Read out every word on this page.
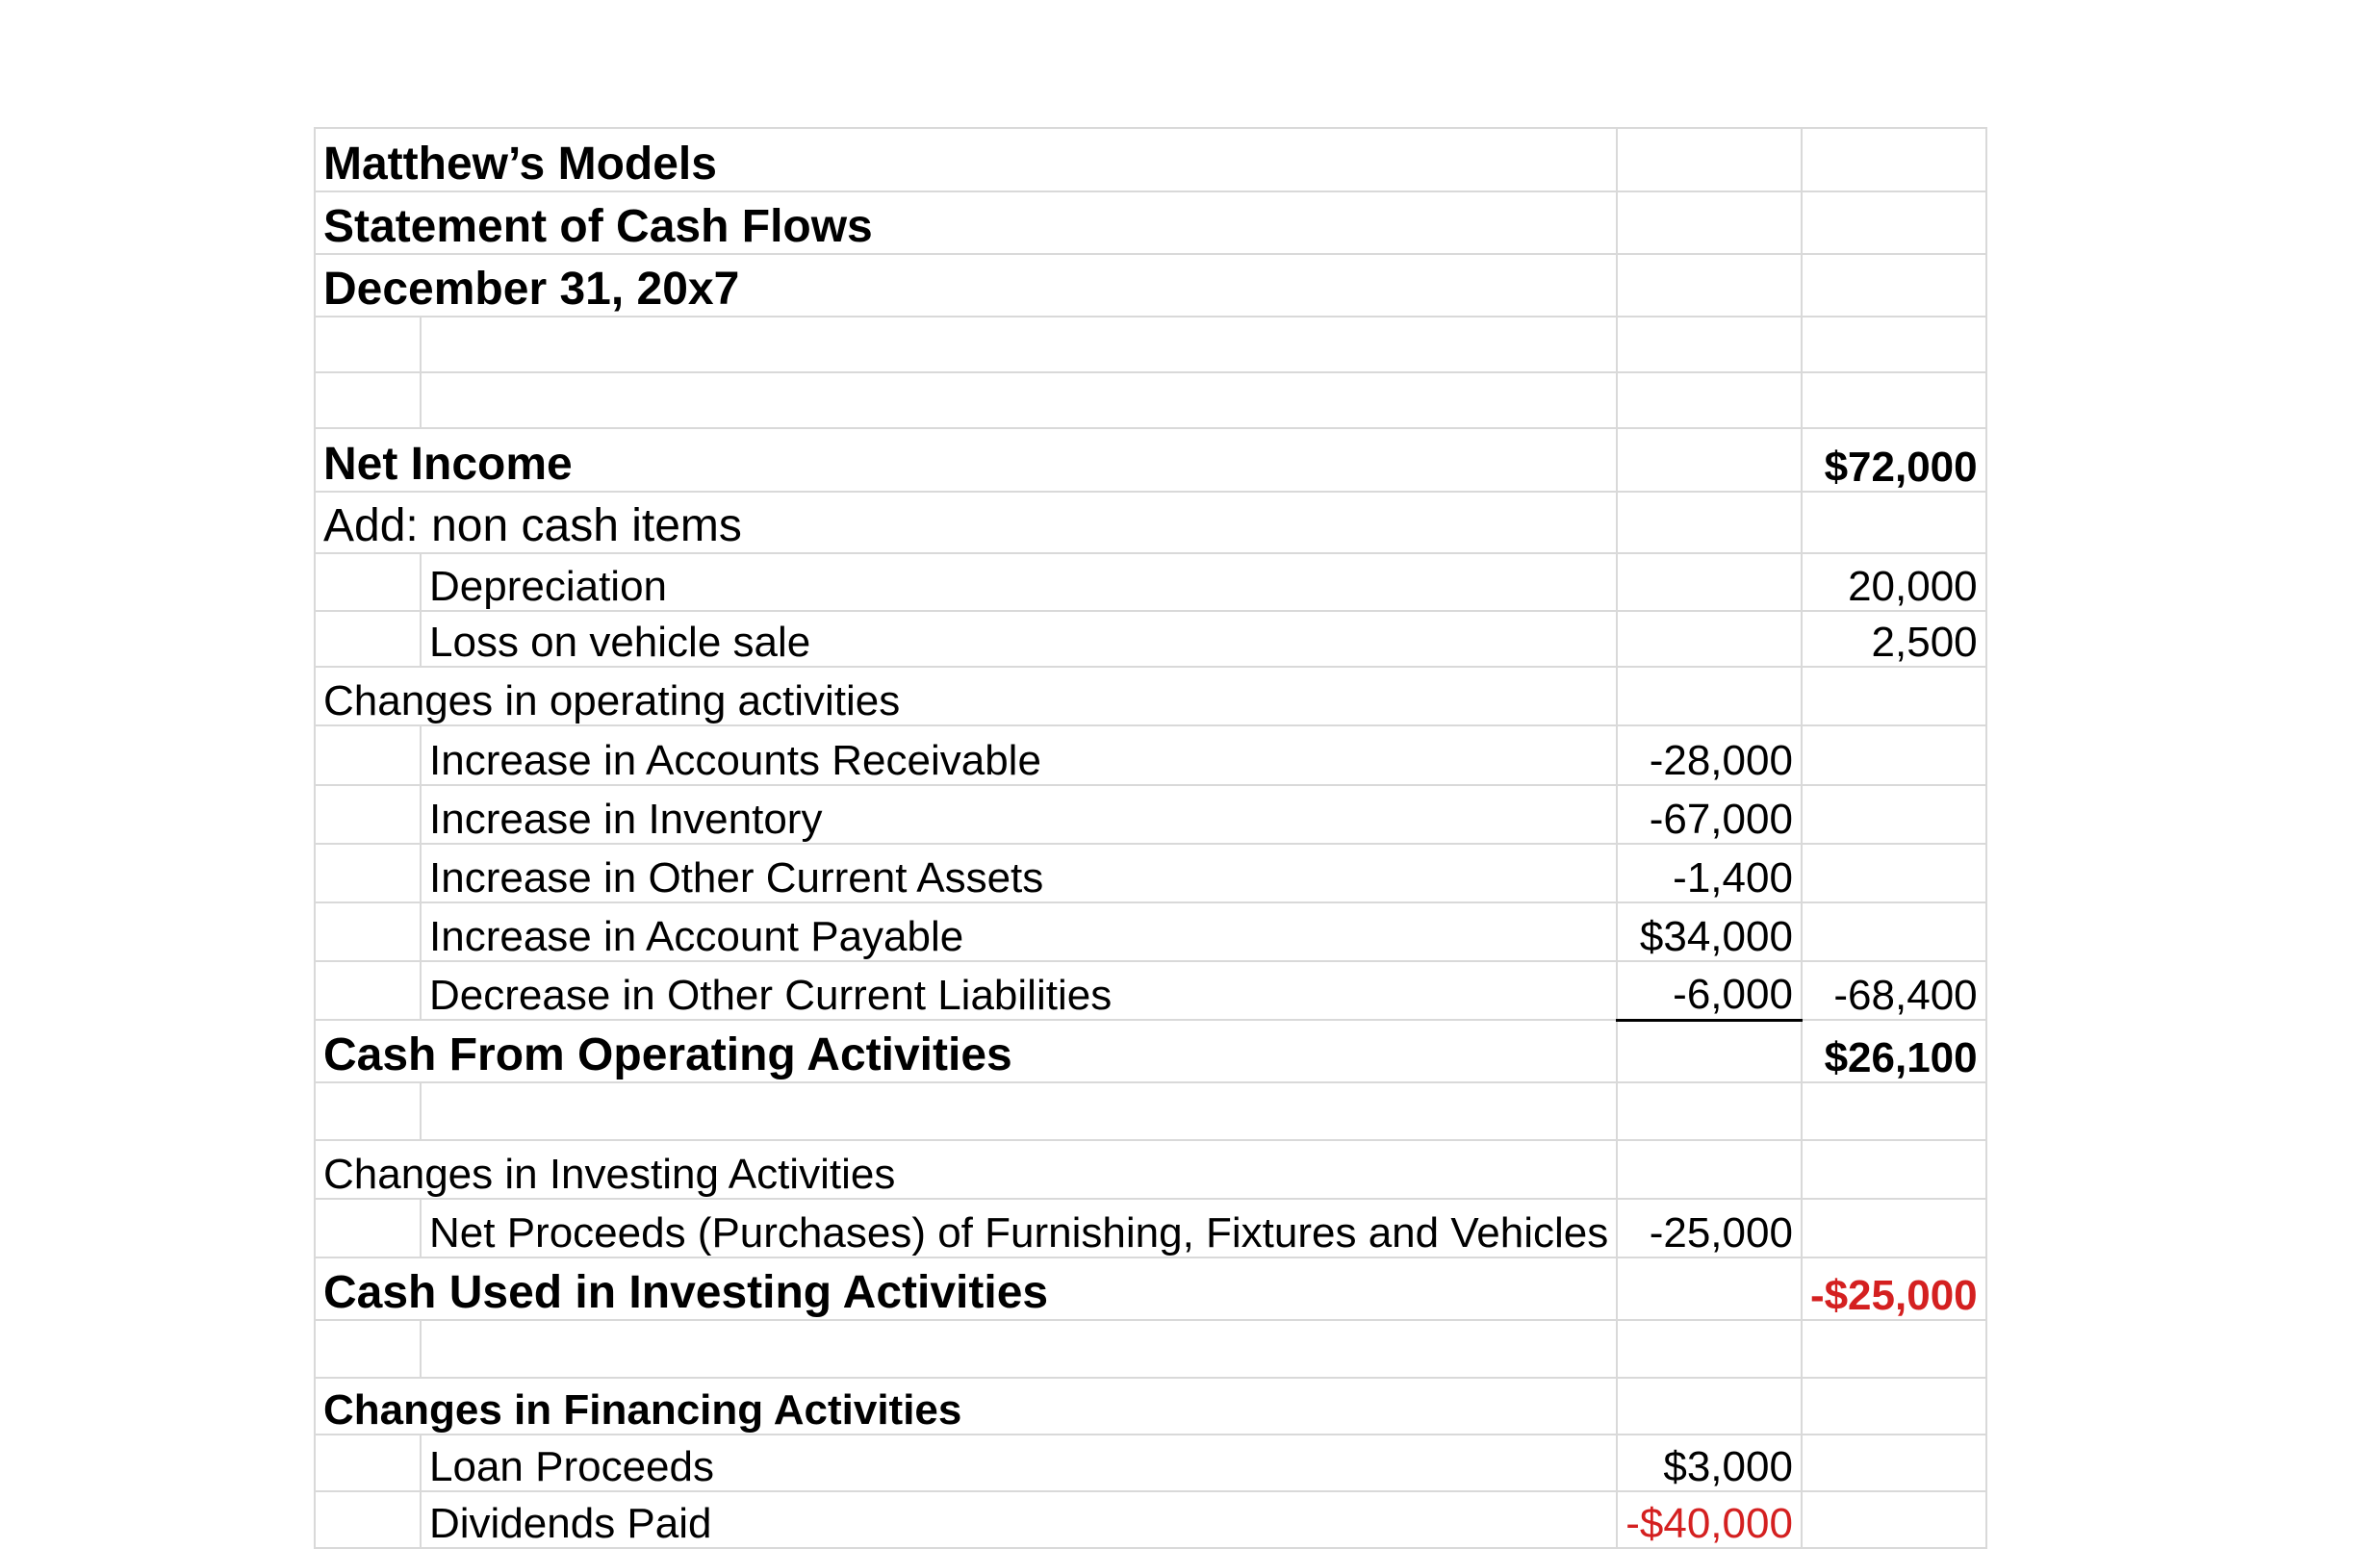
Matthew’s Models			
Statement of Cash Flows			
December 31, 20x7			

Net Income			$72,000
Add: non cash items			
	Depreciation		20,000
	Loss on vehicle sale		2,500
Changes in operating activities			
	Increase in Accounts Receivable	-28,000	
	Increase in Inventory	-67,000	
	Increase in Other Current Assets	-1,400	
	Increase in Account Payable	$34,000	
	Decrease in Other Current Liabilities	-6,000	-68,400
Cash From Operating Activities			$26,100

Changes in Investing Activities			
	Net Proceeds (Purchases) of Furnishing, Fixtures and Vehicles	-25,000	
Cash Used in Investing Activities			-$25,000

Changes in Financing Activities			
	Loan Proceeds	$3,000	
	Dividends Paid	-$40,000	
